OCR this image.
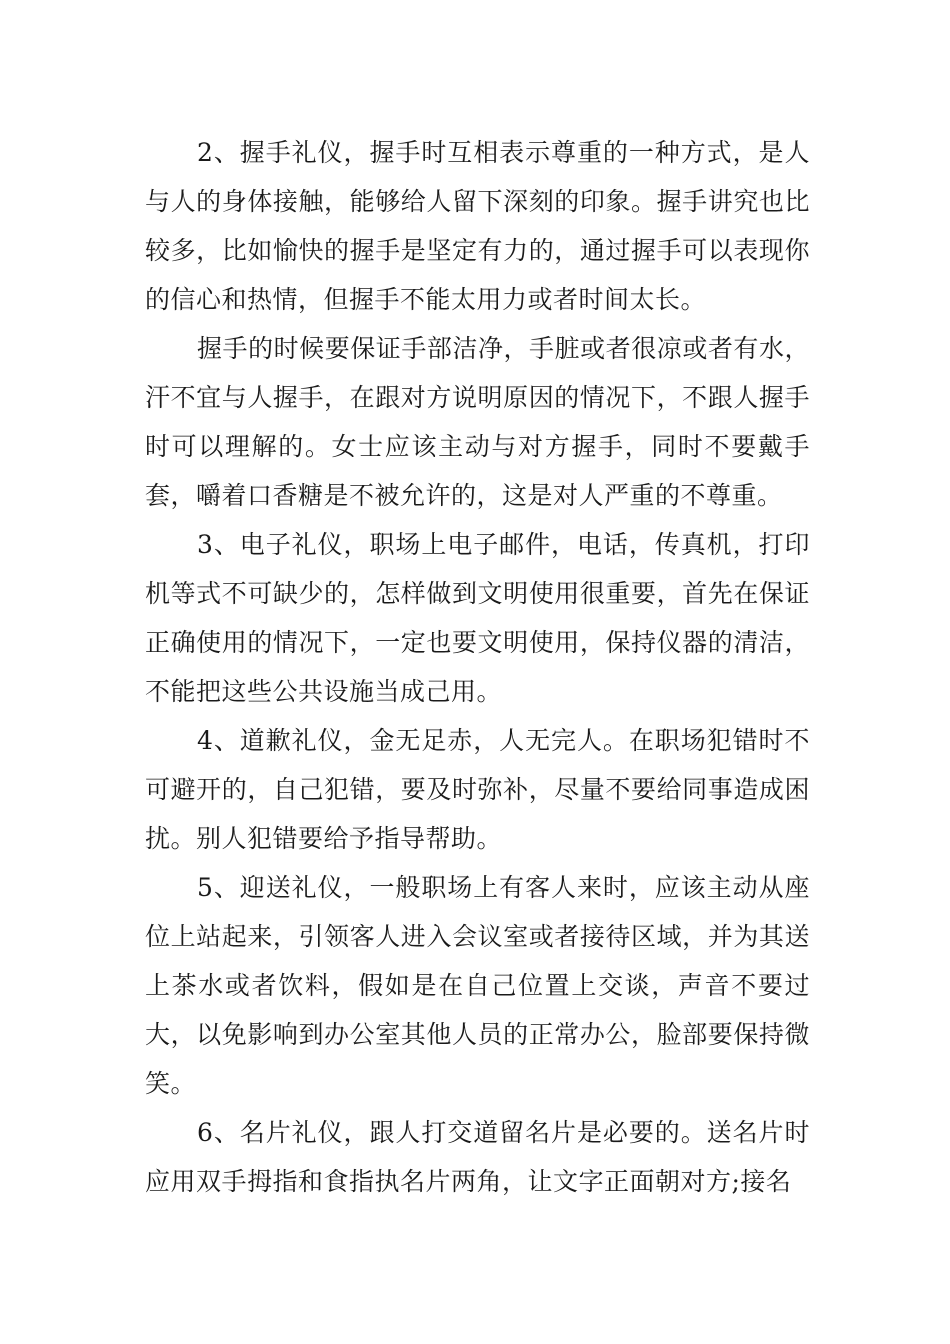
2、握手礼仪，握手时互相表示尊重的一种方式，是人与人的身体接触，能够给人留下深刻的印象。握手讲究也比较多，比如愉快的握手是坚定有力的，通过握手可以表现你的信心和热情，但握手不能太用力或者时间太长。

握手的时候要保证手部洁净，手脏或者很凉或者有水，汗不宜与人握手，在跟对方说明原因的情况下，不跟人握手时可以理解的。女士应该主动与对方握手，同时不要戴手套，嚼着口香糖是不被允许的，这是对人严重的不尊重。

3、电子礼仪，职场上电子邮件，电话，传真机，打印机等式不可缺少的，怎样做到文明使用很重要，首先在保证正确使用的情况下，一定也要文明使用，保持仪器的清洁，不能把这些公共设施当成己用。

4、道歉礼仪，金无足赤，人无完人。在职场犯错时不可避开的，自己犯错，要及时弥补，尽量不要给同事造成困扰。别人犯错要给予指导帮助。

5、迎送礼仪，一般职场上有客人来时，应该主动从座位上站起来，引领客人进入会议室或者接待区域，并为其送上茶水或者饮料，假如是在自己位置上交谈，声音不要过大，以免影响到办公室其他人员的正常办公，脸部要保持微笑。

6、名片礼仪，跟人打交道留名片是必要的。送名片时应用双手拇指和食指执名片两角，让文字正面朝对方;接名
